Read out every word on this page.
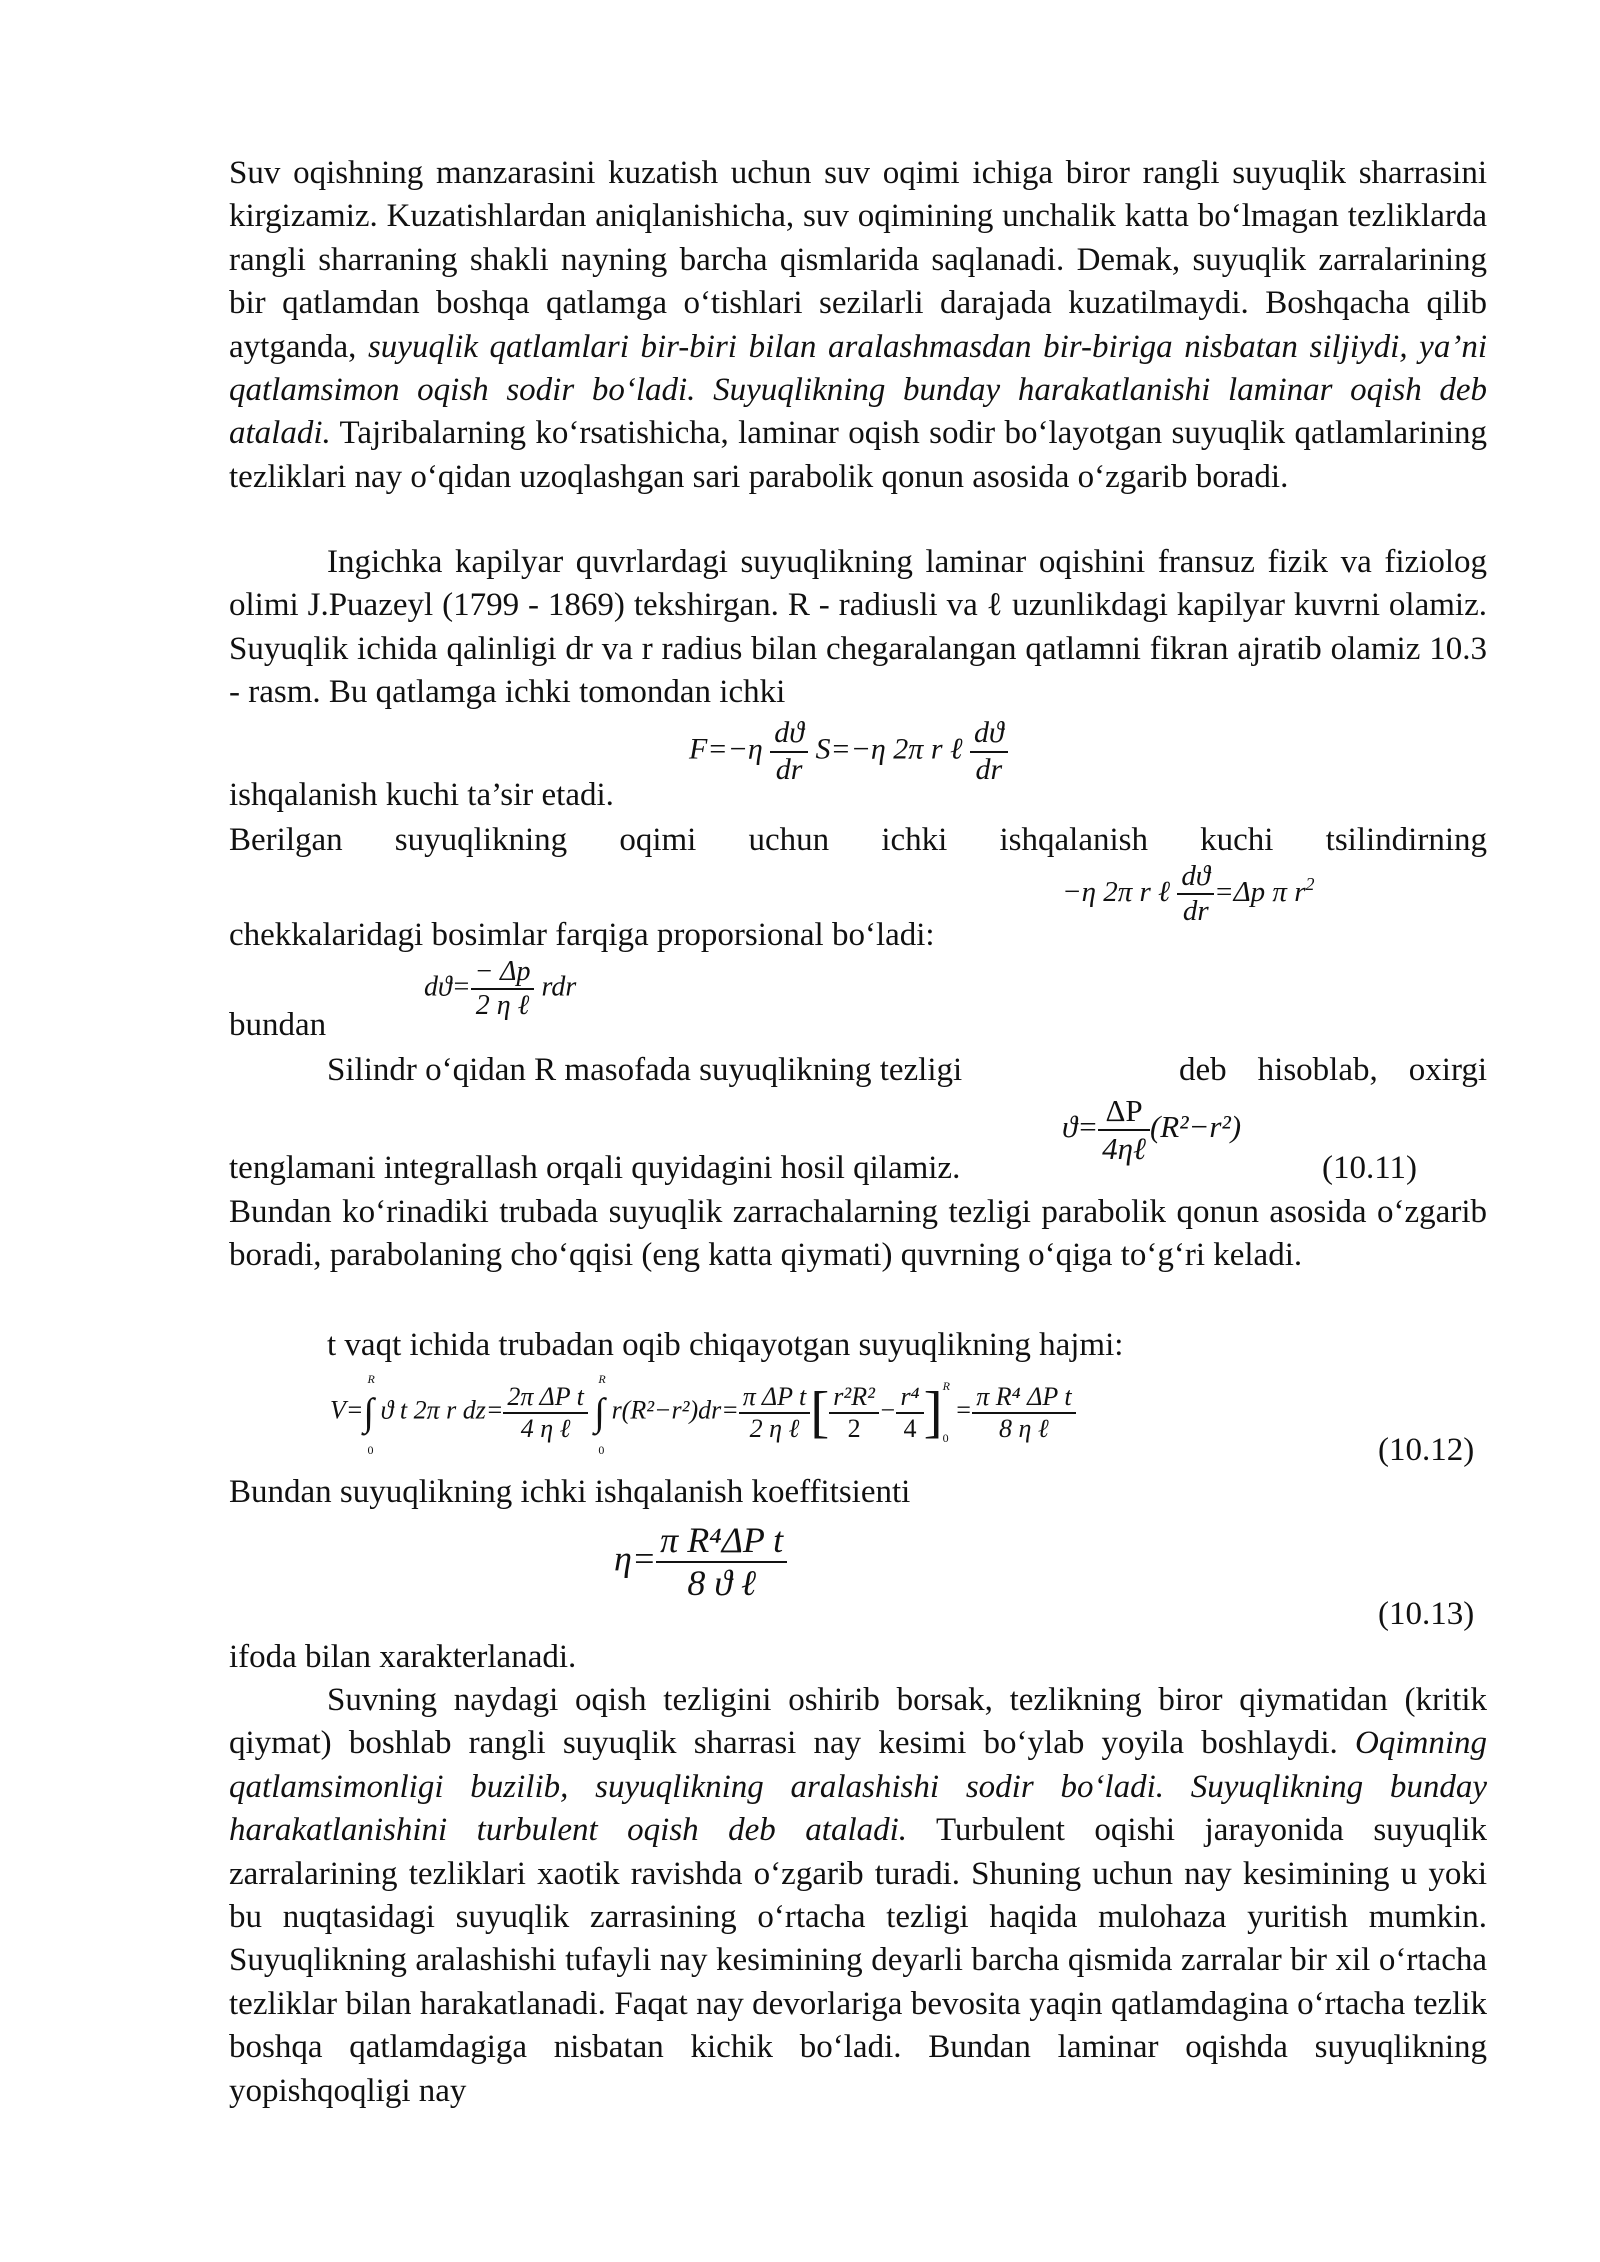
Suv oqishning manzarasini kuzatish uchun suv oqimi ichiga biror rangli suyuqlik sharrasini kirgizamiz. Kuzatishlardan aniqlanishicha, suv oqimining unchalik katta bo‘lmagan tezliklarda rangli sharraning shakli nayning barcha qismlarida saqlanadi. Demak, suyuqlik zarralarining bir qatlamdan boshqa qatlamga o‘tishlari sezilarli darajada kuzatilmaydi. Boshqacha qilib aytganda, suyuqlik qatlamlari bir-biri bilan aralashmasdan bir-biriga nisbatan siljiydi, ya’ni qatlamsimon oqish sodir bo‘ladi. Suyuqlikning bunday harakatlanishi laminar oqish deb ataladi. Tajribalarning ko‘rsatishicha, laminar oqish sodir bo‘layotgan suyuqlik qatlamlarining tezliklari nay o‘qidan uzoqlashgan sari parabolik qonun asosida o‘zgarib boradi.

Ingichka kapilyar quvrlardagi suyuqlikning laminar oqishini fransuz fizik va fiziolog olimi J.Puazeyl (1799 - 1869) tekshirgan. R - radiusli va ℓ uzunlikdagi kapilyar kuvrni olamiz. Suyuqlik ichida qalinligi dr va r radius bilan chegaralangan qatlamni fikran ajratib olamiz 10.3 - rasm. Bu qatlamga ichki tomondan ichki

ishqalanish kuchi ta’sir etadi.
$F=-\eta \frac{dϑ}{dr} S=-\eta$ 2π r ℓ $\frac{dϑ}{dr}$
Berilgan suyuqlikning oqimi uchun ichki ishqalanish kuchi tsilindirning
chekkalaridagi bosimlar farqiga proporsional bo‘ladi:
−η 2π r ℓ $\frac{dϑ}{dr} =\Delta p$ π $r^2$
bundan
$dϑ= \frac{- \Delta p}{\text{2 η ℓ}}$ rdr
Silindr o‘qidan R masofada suyuqlikning tezligi	deb hisoblab, oxirgi
$ϑ= \frac{\Delta P}{\text{4ηℓ}} (R^2-r^2)$
tenglamani integrallash orqali quyidagini hosil qilamiz.	(10.11)

Bundan ko‘rinadiki trubada suyuqlik zarrachalarning tezligi parabolik qonun asosida o‘zgarib boradi, parabolaning cho‘qqisi (eng katta qiymati) quvrning o‘qiga to‘g‘ri keladi.

t vaqt ichida trubadan oqib chiqayotgan suyuqlikning hajmi:
V=∫
R
0
ϑ t 2π r $dz= \frac{\text{2π ΔP t}}{\text{4 η ℓ}}$ ∫
R
0
$r(R^2-r^2)dr= \frac{\text{π ΔP t}}{\text{2 η ℓ}}$ [ $\frac{\text{r²R²}}{2} - \frac{\text{r⁴}}{4}$ ] R
0
= $\frac{\text{π R⁴ ΔP t}}{\text{8 η ℓ}}$
(10.12)
Bundan suyuqlikning ichki ishqalanish koeffitsienti
$\eta= \frac{\text{π R⁴ΔP t}}{\text{8 ϑ ℓ}}$
(10.13)
ifoda bilan xarakterlanadi.

Suvning naydagi oqish tezligini oshirib borsak, tezlikning biror qiymatidan (kritik qiymat) boshlab rangli suyuqlik sharrasi nay kesimi bo‘ylab yoyila boshlaydi. Oqimning qatlamsimonligi buzilib, suyuqlikning aralashishi sodir bo‘ladi. Suyuqlikning bunday harakatlanishini turbulent oqish deb ataladi. Turbulent oqishi jarayonida suyuqlik zarralarining tezliklari xaotik ravishda o‘zgarib turadi. Shuning uchun nay kesimining u yoki bu nuqtasidagi suyuqlik zarrasining o‘rtacha tezligi haqida mulohaza yuritish mumkin. Suyuqlikning aralashishi tufayli nay kesimining deyarli barcha qismida zarralar bir xil o‘rtacha tezliklar bilan harakatlanadi. Faqat nay devorlariga bevosita yaqin qatlamdagina o‘rtacha tezlik boshqa qatlamdagiga nisbatan kichik bo‘ladi. Bundan laminar oqishda suyuqlikning yopishqoqligi nay
